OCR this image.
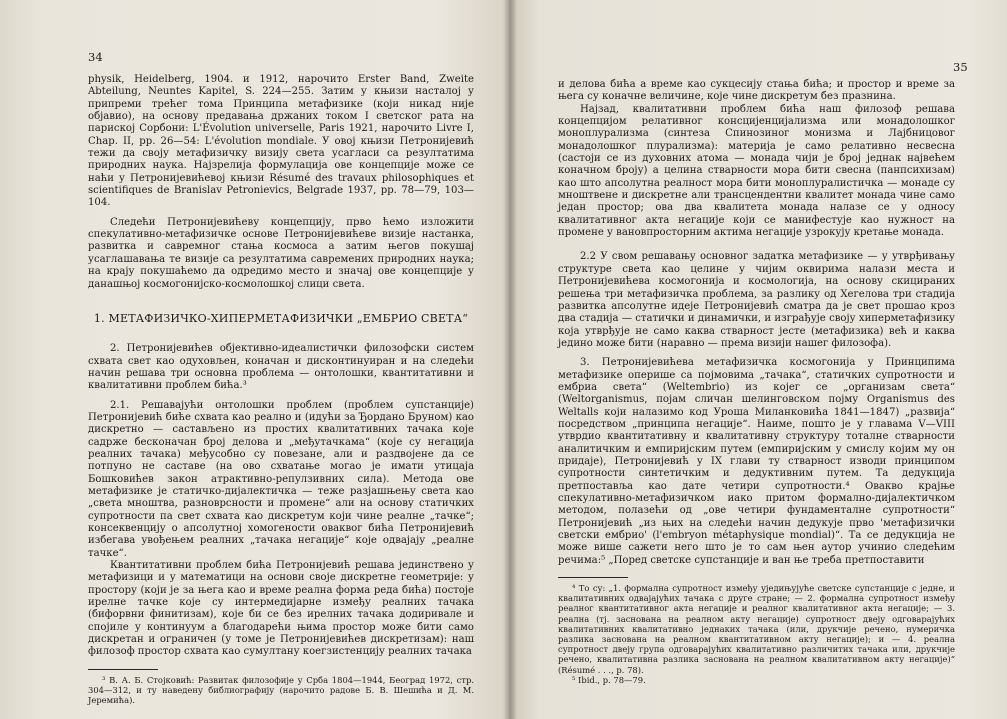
34

physik, Heidelberg, 1904. и 1912, нарочито Erster Band, Zweite Abteilung, Neuntes Kapitel, S. 224—255. Затим у књизи насталој у припреми трећег тома Принципа метафизике (који никад није објавио), на основу предавања држаних током I светског рата на париској Сорбони: L'Évolution universelle, Paris 1921, нарочито Livre I, Chap. II, pp. 26—54: L'évolution mondiale. У овој књизи Петронијевић тежи да своју метафизичку визију света усагласи са резултатима природних наука. Најзрелија формулација ове концепције може се наћи у Петронијевићевој књизи Résumé des travaux philosophiques et scientifiques de Branislav Petronievics, Belgrade 1937, pp. 78—79, 103—104.

Следећи Петронијевићеву концепцију, прво ћемо изложити спекулативно-метафизичке основе Петронијевићеве визије настанка, развитка и савремног стања космоса а затим његов покушај усаглашавања те визије са резултатима савремених природних наука; на крају покушаћемо да одредимо место и значај ове концепције у данашњој космогонијско-космолошкој слици света.

1. МЕТАФИЗИЧКО-ХИПЕРМЕТАФИЗИЧКИ „ЕМБРИО СВЕТА“

2. Петронијевићев објективно-идеалистички филозофски систем схвата свет као одуховљен, коначан и дисконтинуиран и на следећи начин решава три основна проблема — онтолошки, квантитативни и квалитативни проблем бића.³

2.1. Решавајући онтолошки проблем (проблем супстанције) Петронијевић биће схвата као реално и (идући за Ђордано Бруном) као дискретно — састављено из простих квалитативних тачака које садрже бесконачан број делова и „међутачкама“ (које су негација реалних тачака) међусобно су повезане, али и раздвојене да се потпуно не саставе (на ово схватање могао је имати утицаја Бошковићев закон атрактивно-репулзивних сила). Метода ове метафизике је статичко-дијалектичка — теже разјашњењу света као „света мноштва, разноврсности и промене“ али на основу статичких супротности па свет схвата као дискретум који чине реалне „тачке“; консеквенцију о апсолутној хомогености оваквог бића Петронијевић избегава увођењем реалних „тачака негације“ које одвајају „реалне тачке“.

Квантитативни проблем бића Петронијевић решава јединствено у метафизици и у математици на основи своје дискретне геометрије: у простору (који је за њега као и време реална форма реда бића) постоје ирелне тачке које су интермедијарне између реалних тачака (бифорвни финитизам), које би се без ирелних тачака додиривале и спојиле у континуум а благодарећи њима простор може бити само дискретан и ограничен (у томе је Петронијевићев дискретизам): наш филозоф простор схвата као сумултану коегзистенцију реалних тачака

³ В. А. Б. Стојковић: Развитак филозофије у Срба 1804—1944, Београд 1972, стр. 304—312, и ту наведену библиографију (нарочито радове Б. В. Шешића и Д. М. Јеремића).

35

и делова бића а време као сукцесију стања бића; и простор и време за њега су коначне величине, које чине дискретум без празнина.

Најзад, квалитативни проблем бића наш филозоф решава концепцијом релативног консцијенцијализма или монадолошког моноплурализма (синтеза Спинозиног монизма и Лајбницовог монадолошког плурализма): материја је само релативно несвесна (састоји се из духовних атома — монада чији је број једнак највећем коначном броју) а целина стварности мора бити свесна (панпсихизам) као што апсолутна реалност мора бити моноплуралистичка — монаде су мноштвене и дискретне али трансцендентни квалитет монада чине само један простор; ова два квалитета монада налазе се у односу квалитативног акта негације који се манифестује као нужност на промене у вановпросторним актима негације узрокују кретање монада.

2.2 У свом решавању основног задатка метафизике — у утврђивању структуре света као целине у чијим оквирима налази места и Петронијевићева космогонија и космологија, на основу скицираних решења три метафизичка проблема, за разлику од Хегелова три стадија развитка апсолутне идеје Петронијевић сматра да је свет прошао кроз два стадија — статички и динамички, и изграђује своју хиперметафизику која утврђује не само каква стварност јесте (метафизика) већ и каква једино може бити (наравно — према визији нашег филозофа).

3. Петронијевићева метафизичка космогонија у Принципима метафизике оперише са појмовима „тачака“, статичких супротности и ембриа света“ (Weltembrio) из којег се „организам света“ (Weltorganismus, појам сличан шелинговском појму Organismus des Weltalls који налазимо код Уроша Миланковића 1841—1847) „развија“ посредством „принципа негације“. Наиме, пошто је у главама V—VIII утврдио квантитативну и квалитативну структуру тоталне стварности аналитичким и емпиријским путем (емпиријским у смислу којим му он придаје), Петронијевић у IX глави ту стварност изводи принципом супротности синтетичким и дедуктивним путем. Та дедукција претпоставља као дате четири супротности.⁴ Овакво крајње спекулативно-метафизичком иако притом формално-дијалектичком методом, полазећи од „ове четири фундаменталне супротности“ Петронијевић „из њих на следећи начин дедукује прво 'метафизички светски ембрио' (l'embryon métaphysique mondial)“. Та се дедукција не може више сажети него што је то сам њен аутор учинио следећим речима:⁵ „Поред светске супстанције и ван ње треба претпоставити

⁴ То су: „1. формална супротност између уједињујуће светске супстанције с једне, и квалитативних одвајајућих тачака с друге стране; — 2. формална супротност између реалног квантитативног акта негације и реалног квалитативног акта негације; — 3. реална (тј. заснована на реалном акту негације) супротност двеју одговарајућих квалитативних квалитативно једнаких тачака (или, друкчије речено, нумеричка разлика заснована на реалном квантитативном акту негације); и — 4. реална супротност двеју група одговарајућих квалитативно различитих тачака или, друкчије речено, квалитативна разлика заснована на реалном квалитативном акту негације)“ (Résumé . . ., p. 78).

⁵ Ibid., p. 78—79.
